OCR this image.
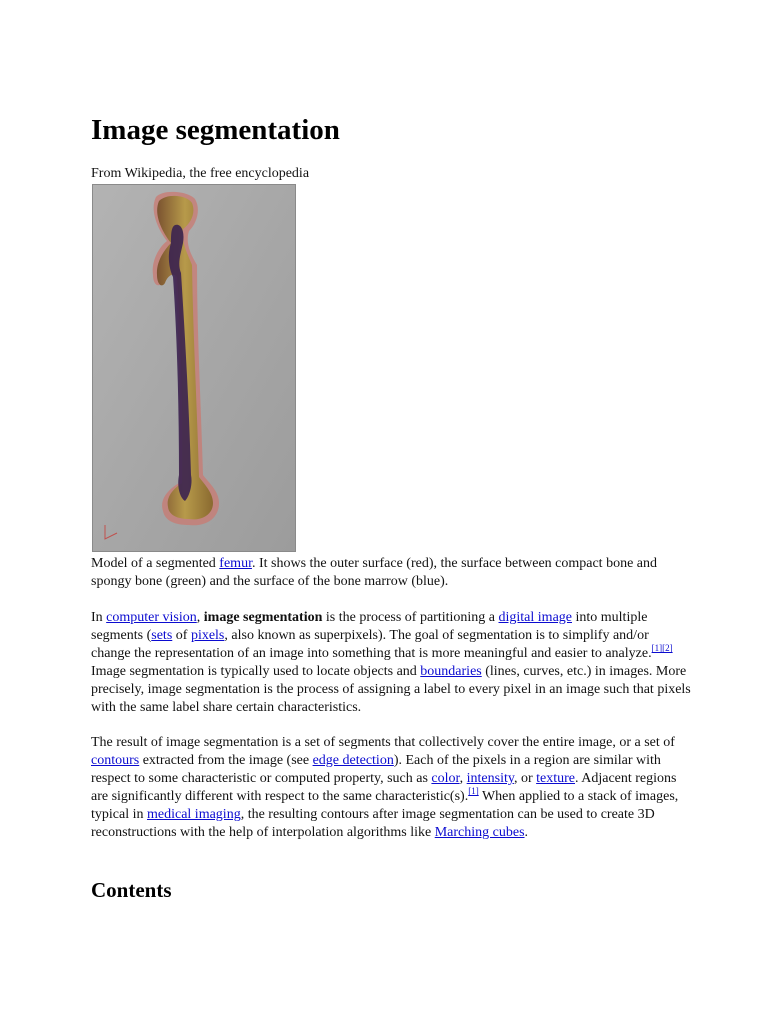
Image segmentation
From Wikipedia, the free encyclopedia

Model of a segmented femur. It shows the outer surface (red), the surface between compact bone and spongy bone (green) and the surface of the bone marrow (blue).

In computer vision, image segmentation is the process of partitioning a digital image into multiple segments (sets of pixels, also known as superpixels). The goal of segmentation is to simplify and/or change the representation of an image into something that is more meaningful and easier to analyze.[1][2] Image segmentation is typically used to locate objects and boundaries (lines, curves, etc.) in images. More precisely, image segmentation is the process of assigning a label to every pixel in an image such that pixels with the same label share certain characteristics.

The result of image segmentation is a set of segments that collectively cover the entire image, or a set of contours extracted from the image (see edge detection). Each of the pixels in a region are similar with respect to some characteristic or computed property, such as color, intensity, or texture. Adjacent regions are significantly different with respect to the same characteristic(s).[1] When applied to a stack of images, typical in medical imaging, the resulting contours after image segmentation can be used to create 3D reconstructions with the help of interpolation algorithms like Marching cubes.

Contents
